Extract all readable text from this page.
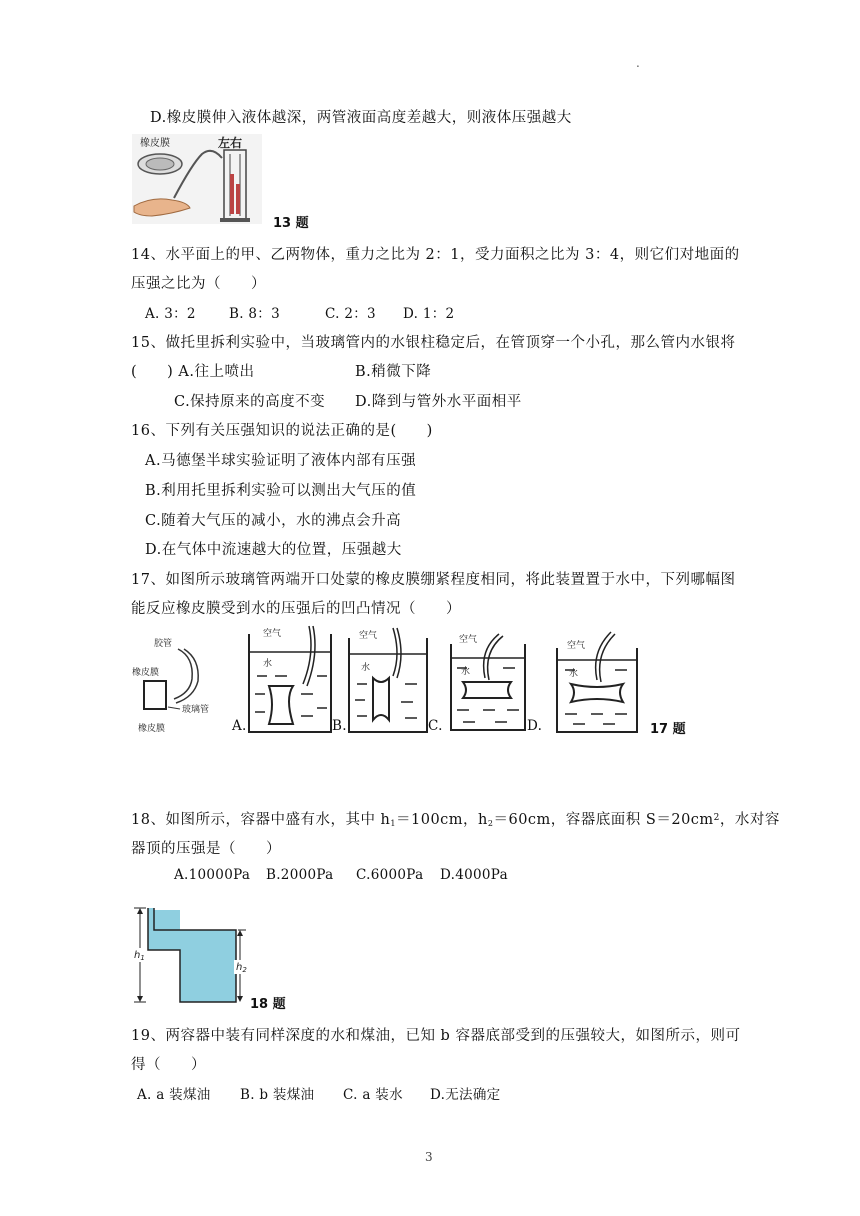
.
D.橡皮膜伸入液体越深，两管液面高度差越大，则液体压强越大
橡皮膜	左右
13 题
14、水平面上的甲、乙两物体，重力之比为 2：1，受力面积之比为 3：4，则它们对地面的
压强之比为（　　）
A. 3：2 B. 8：3	C. 2：3 D. 1：2
15、做托里拆利实验中，当玻璃管内的水银柱稳定后，在管顶穿一个小孔，那么管内水银将
(　　) A.往上喷出	B.稍微下降
C.保持原来的高度不变 D.降到与管外水平面相平
16、下列有关压强知识的说法正确的是(　　)
A.马德堡半球实验证明了液体内部有压强
B.利用托里拆利实验可以测出大气压的值
C.随着大气压的减小，水的沸点会升高
D.在气体中流速越大的位置，压强越大
17、如图所示玻璃管两端开口处蒙的橡皮膜绷紧程度相同，将此装置置于水中，下列哪幅图
能反应橡皮膜受到水的压强后的凹凸情况（　　）
胶管
橡皮膜
玻璃管
橡皮膜
空气
水
A.
空气
水
B.
空气
水
C.
空气
水
D.	17 题
18、如图所示，容器中盛有水，其中 $h_1=100cm$，$h_2=60cm$，容器底面积 $S=20cm^2$，水对容
器顶的压强是（　　）
A.10000Pa B.2000Pa C.6000Pa D.4000Pa
$h_1$
$h_2$
18 题
19、两容器中装有同样深度的水和煤油，已知 b 容器底部受到的压强较大，如图所示，则可
得（　　）
A. a 装煤油 B. b 装煤油 C. a 装水 D.无法确定
3
